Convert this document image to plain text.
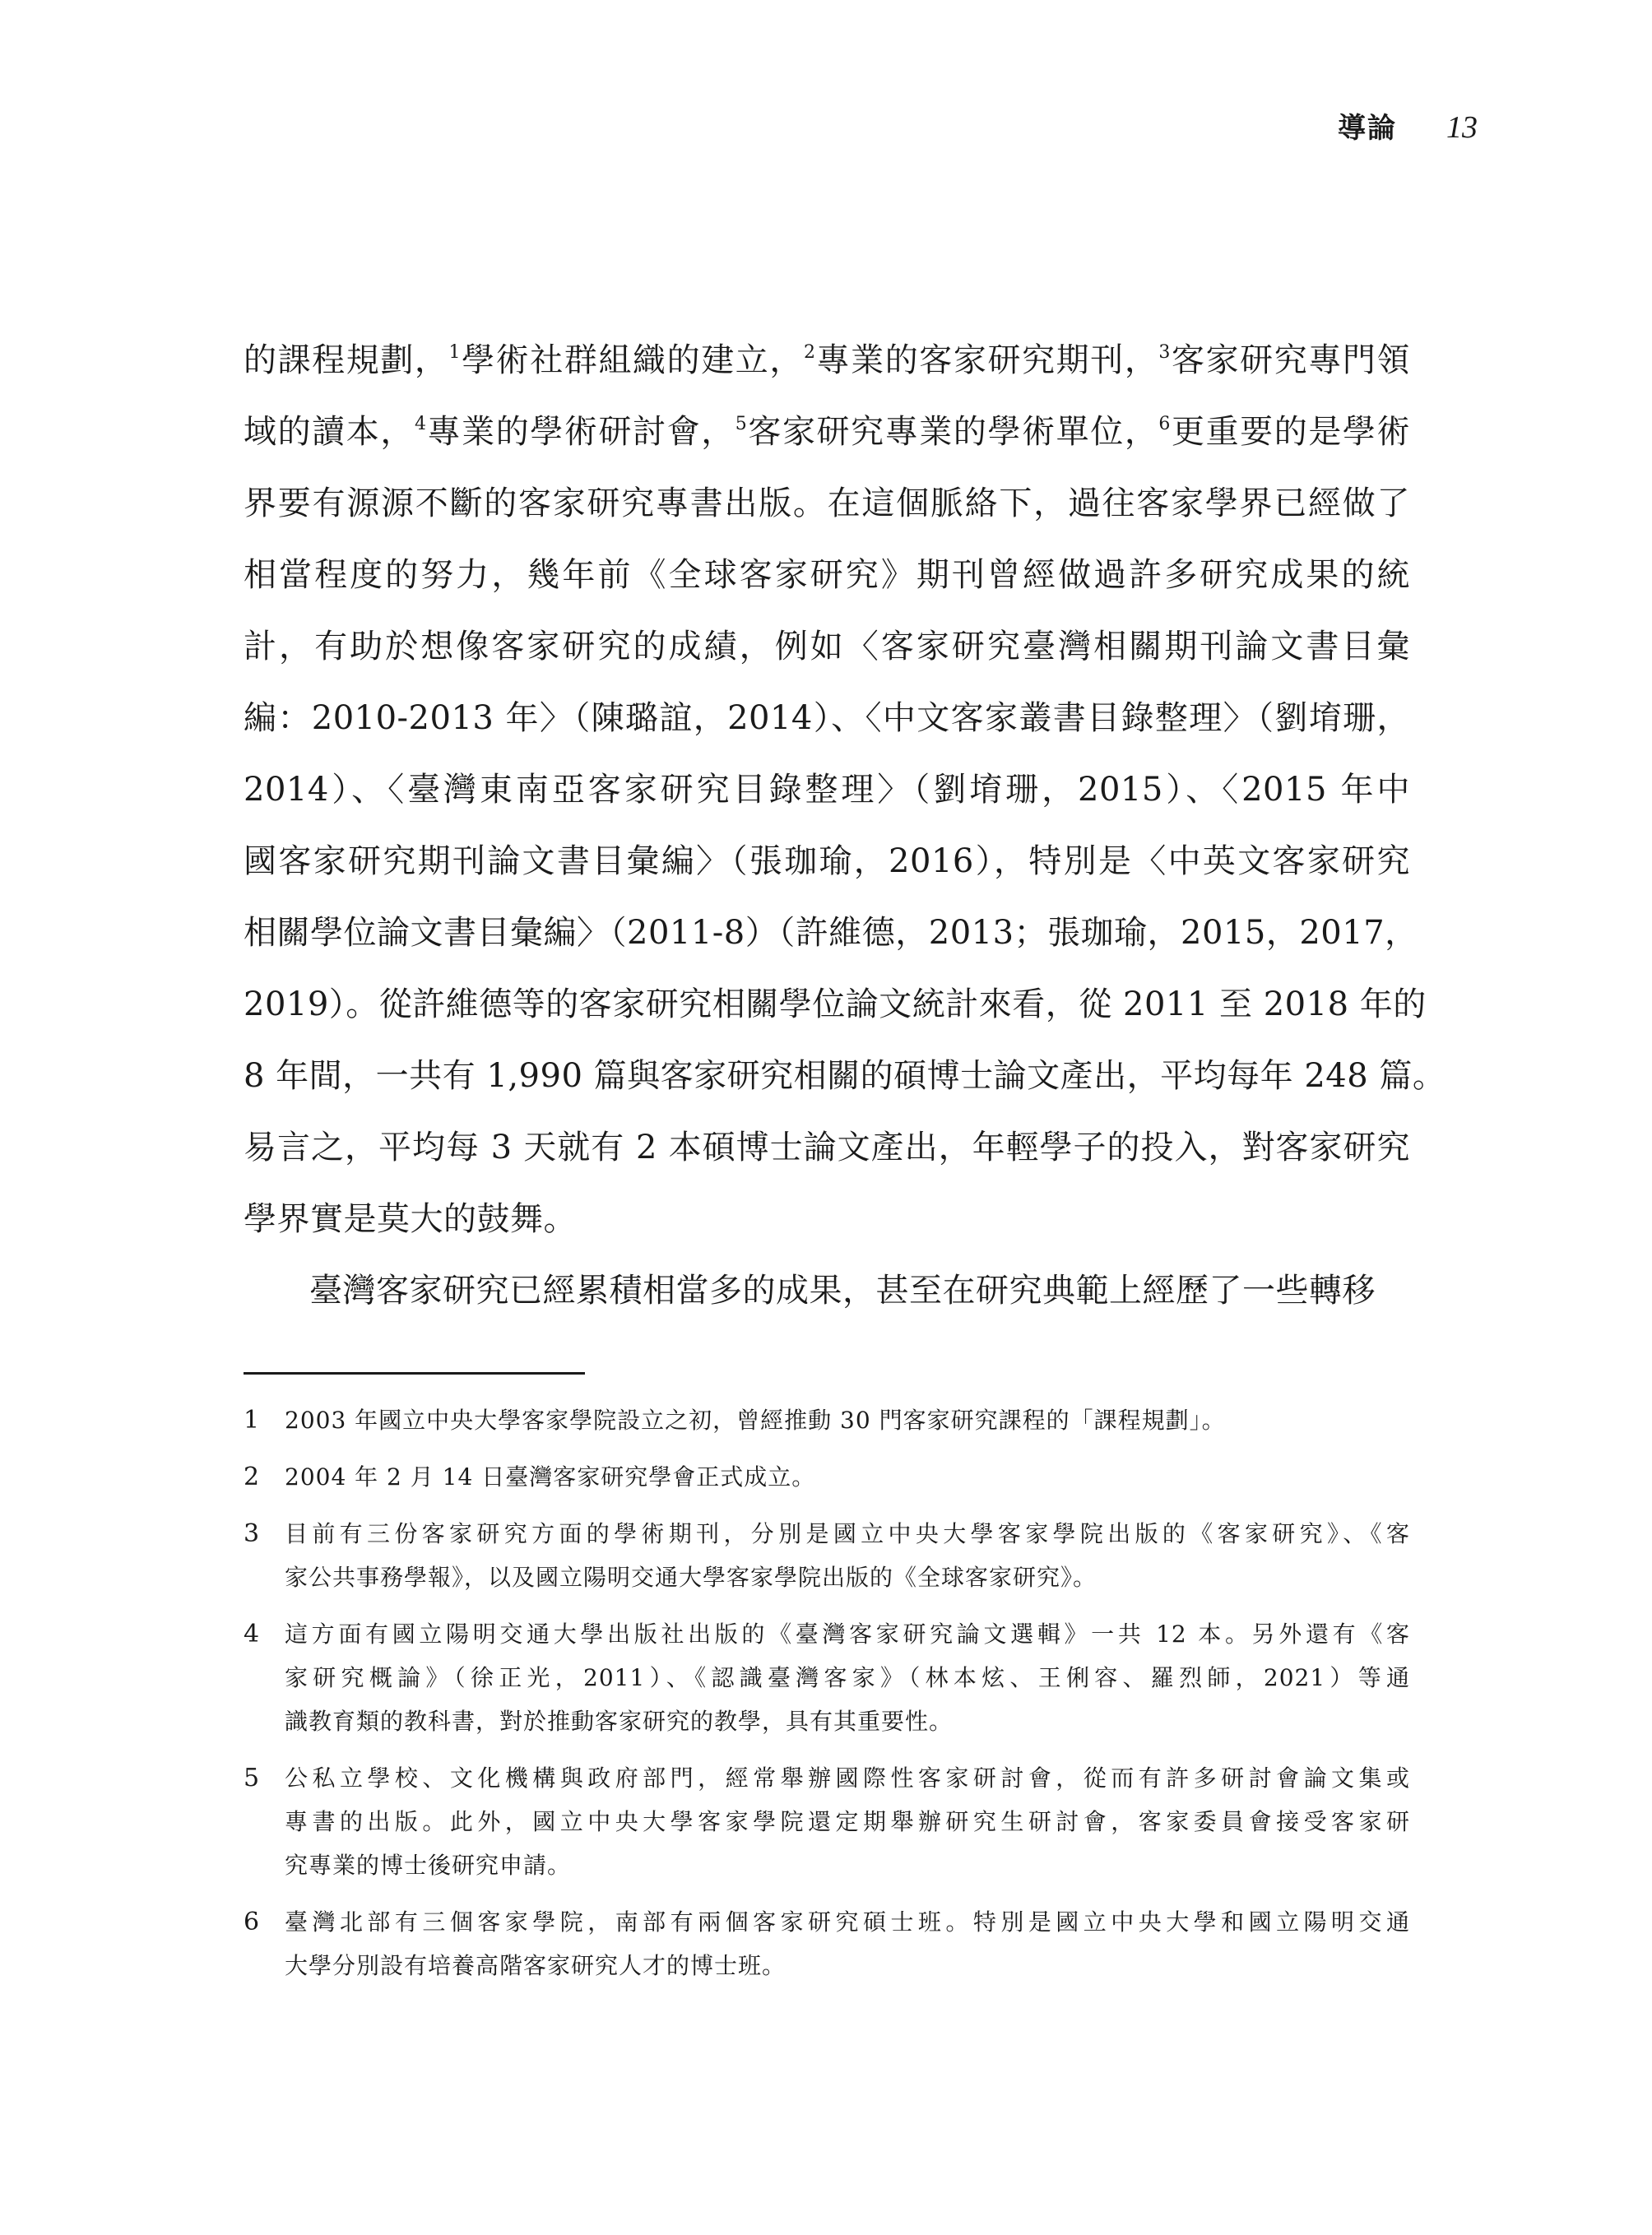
導論 13
的課程規劃，$^1$學術社群組織的建立，$^2$專業的客家研究期刊，$^3$客家研究專門領
域的讀本，$^4$專業的學術研討會，$^5$客家研究專業的學術單位，$^6$更重要的是學術
界要有源源不斷的客家研究專書出版。在這個脈絡下，過往客家學界已經做了
相當程度的努力，幾年前《全球客家研究》期刊曾經做過許多研究成果的統
計，有助於想像客家研究的成績，例如〈客家研究臺灣相關期刊論文書目彙
編：2010-2013 年〉（陳璐誼，2014）、〈中文客家叢書目錄整理〉（劉堉珊，
2014）、〈臺灣東南亞客家研究目錄整理〉（劉堉珊，2015）、〈2015 年中
國客家研究期刊論文書目彙編〉（張珈瑜，2016），特別是〈中英文客家研究
相關學位論文書目彙編〉（2011-8）（許維德，2013；張珈瑜，2015，2017，
2019）。從許維德等的客家研究相關學位論文統計來看，從 2011 至 2018 年的
8 年間，一共有 1,990 篇與客家研究相關的碩博士論文產出，平均每年 248 篇。
易言之，平均每 3 天就有 2 本碩博士論文產出，年輕學子的投入，對客家研究
學界實是莫大的鼓舞。
臺灣客家研究已經累積相當多的成果，甚至在研究典範上經歷了一些轉移
1	2003 年國立中央大學客家學院設立之初，曾經推動 30 門客家研究課程的「課程規劃」。
2	2004 年 2 月 14 日臺灣客家研究學會正式成立。
3	目前有三份客家研究方面的學術期刊，分別是國立中央大學客家學院出版的《客家研究》、《客
家公共事務學報》，以及國立陽明交通大學客家學院出版的《全球客家研究》。
4	這方面有國立陽明交通大學出版社出版的《臺灣客家研究論文選輯》一共 12 本。另外還有《客
家研究概論》（徐正光，2011）、《認識臺灣客家》（林本炫、王俐容、羅烈師，2021）等通
識教育類的教科書，對於推動客家研究的教學，具有其重要性。
5	公私立學校、文化機構與政府部門，經常舉辦國際性客家研討會，從而有許多研討會論文集或
專書的出版。此外，國立中央大學客家學院還定期舉辦研究生研討會，客家委員會接受客家研
究專業的博士後研究申請。
6	臺灣北部有三個客家學院，南部有兩個客家研究碩士班。特別是國立中央大學和國立陽明交通
大學分別設有培養高階客家研究人才的博士班。
